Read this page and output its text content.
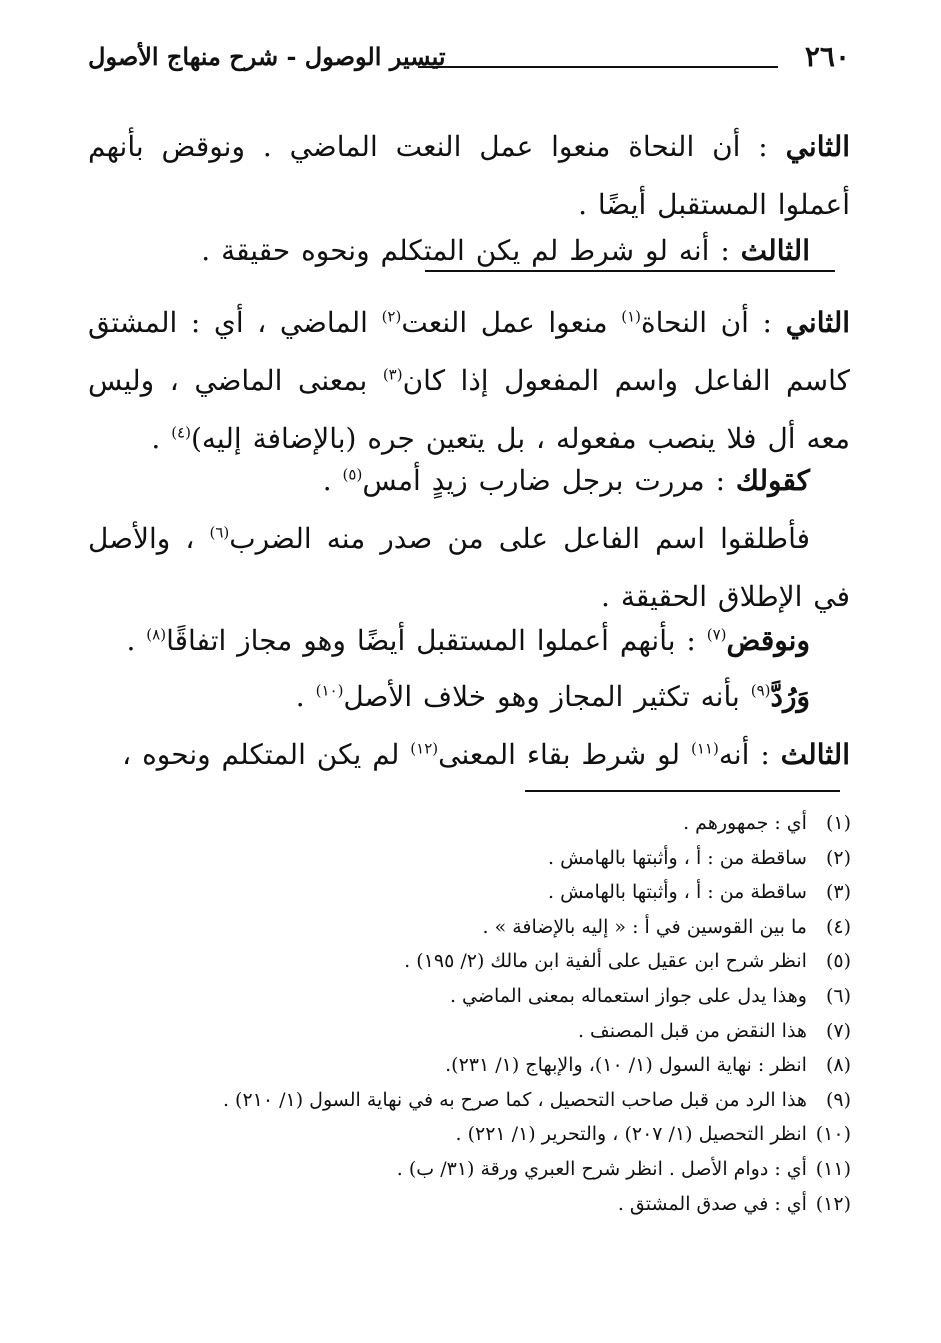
٢٦٠
تيسير الوصول - شرح منهاج الأصول
الثاني : أن النحاة منعوا عمل النعت الماضي . ونوقض بأنهم أعملوا المستقبل أيضًا .
الثالث : أنه لو شرط لم يكن المتكلم ونحوه حقيقة .
الثاني : أن النحاة$^{(١)}$ منعوا عمل النعت$^{(٢)}$ الماضي ، أي : المشتق كاسم الفاعل واسم المفعول إذا كان$^{(٣)}$ بمعنى الماضي ، وليس معه أل فلا ينصب مفعوله ، بل يتعين جره (بالإضافة إليه)$^{(٤)}$ .
كقولك : مررت برجل ضارب زيدٍ أمس$^{(٥)}$ .
فأطلقوا اسم الفاعل على من صدر منه الضرب$^{(٦)}$ ، والأصل في الإطلاق الحقيقة .
ونوقض$^{(٧)}$ : بأنهم أعملوا المستقبل أيضًا وهو مجاز اتفاقًا$^{(٨)}$ .
وَرُدَّ$^{(٩)}$ بأنه تكثير المجاز وهو خلاف الأصل$^{(١٠)}$ .
الثالث : أنه$^{(١١)}$ لو شرط بقاء المعنى$^{(١٢)}$ لم يكن المتكلم ونحوه ،
(١) أي : جمهورهم .
(٢) ساقطة من : أ ، وأثبتها بالهامش .
(٣) ساقطة من : أ ، وأثبتها بالهامش .
(٤) ما بين القوسين في أ : « إليه بالإضافة » .
(٥) انظر شرح ابن عقيل على ألفية ابن مالك (٢/ ١٩٥) .
(٦) وهذا يدل على جواز استعماله بمعنى الماضي .
(٧) هذا النقض من قبل المصنف .
(٨) انظر : نهاية السول (١/ ١٠)، والإبهاج (١/ ٢٣١).
(٩) هذا الرد من قبل صاحب التحصيل ، كما صرح به في نهاية السول (١/ ٢١٠) .
(١٠) انظر التحصيل (١/ ٢٠٧) ، والتحرير (١/ ٢٢١) .
(١١) أي : دوام الأصل . انظر شرح العبري ورقة (٣١/ ب) .
(١٢) أي : في صدق المشتق .
